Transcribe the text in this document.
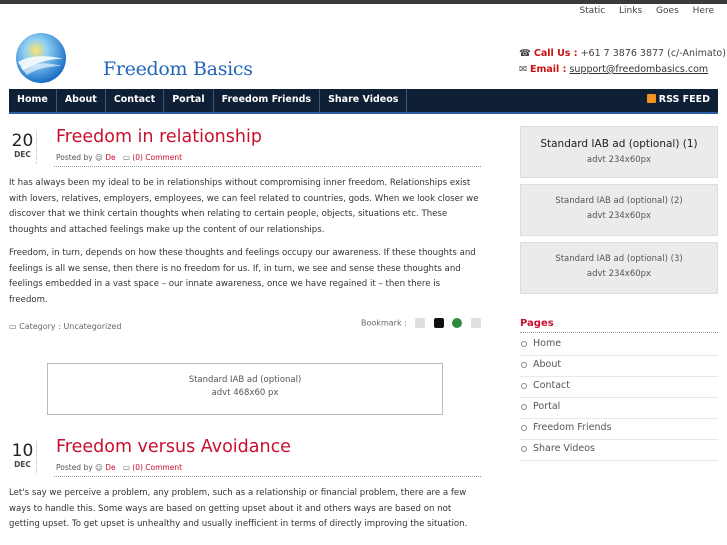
Static Links Goes Here
Freedom Basics
☎ Call Us : +61 7 3876 3877 (c/-Animato)
✉ Email : support@freedombasics.com
Home	About	Contact	Portal	Freedom Friends	Share Videos	RSS FEED
20
DEC
Freedom in relationship
Posted by ☺ De ▭ (0) Comment

It has always been my ideal to be in relationships without compromising inner freedom. Relationships exist with lovers, relatives, employers, employees, we can feel related to countries, gods. When we look closer we discover that we think certain thoughts when relating to certain people, objects, situations etc. These thoughts and attached feelings make up the content of our relationships.

Freedom, in turn, depends on how these thoughts and feelings occupy our awareness. If these thoughts and feelings is all we sense, then there is no freedom for us. If, in turn, we see and sense these thoughts and feelings embedded in a vast space – our innate awareness, once we have regained it – then there is freedom.

▭ Category : Uncategorized	Bookmark :
Standard IAB ad (optional)
advt 468x60 px
10
DEC
Freedom versus Avoidance
Posted by ☺ De ▭ (0) Comment

Let's say we perceive a problem, any problem, such as a relationship or financial problem, there are a few ways to handle this. Some ways are based on getting upset about it and others ways are based on not getting upset. To get upset is unhealthy and usually inefficient in terms of directly improving the situation.

Standard IAB ad (optional) (1)
advt 234x60px
Standard IAB ad (optional) (2)
advt 234x60px
Standard IAB ad (optional) (3)
advt 234x60px
Pages
Home
About
Contact
Portal
Freedom Friends
Share Videos
